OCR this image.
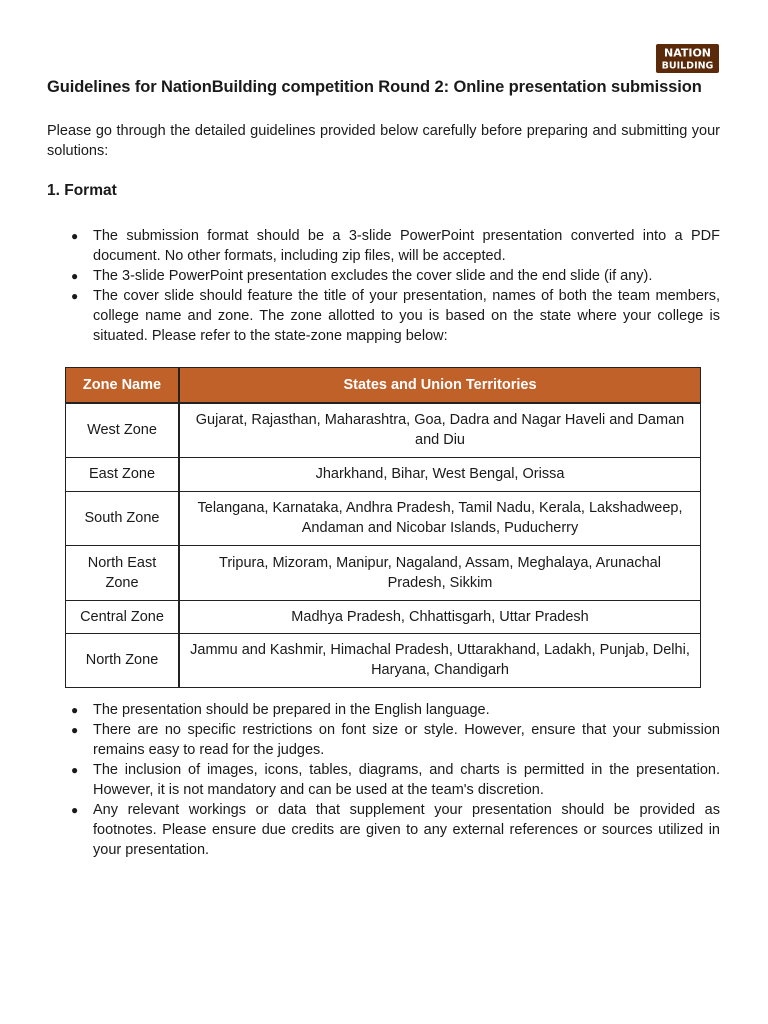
NATION
BUILDING
Guidelines for NationBuilding competition Round 2: Online presentation submission
Please go through the detailed guidelines provided below carefully before preparing and submitting your solutions:
1. Format
● The submission format should be a 3-slide PowerPoint presentation converted into a PDF document. No other formats, including zip files, will be accepted.
● The 3-slide PowerPoint presentation excludes the cover slide and the end slide (if any).
● The cover slide should feature the title of your presentation, names of both the team members, college name and zone. The zone allotted to you is based on the state where your college is situated. Please refer to the state-zone mapping below:
Zone Name	States and Union Territories
West Zone	Gujarat, Rajasthan, Maharashtra, Goa, Dadra and Nagar Haveli and Daman and Diu
East Zone	Jharkhand, Bihar, West Bengal, Orissa
South Zone	Telangana, Karnataka, Andhra Pradesh, Tamil Nadu, Kerala, Lakshadweep, Andaman and Nicobar Islands, Puducherry
North East Zone	Tripura, Mizoram, Manipur, Nagaland, Assam, Meghalaya, Arunachal Pradesh, Sikkim
Central Zone	Madhya Pradesh, Chhattisgarh, Uttar Pradesh
North Zone	Jammu and Kashmir, Himachal Pradesh, Uttarakhand, Ladakh, Punjab, Delhi, Haryana, Chandigarh
● The presentation should be prepared in the English language.
● There are no specific restrictions on font size or style. However, ensure that your submission remains easy to read for the judges.
● The inclusion of images, icons, tables, diagrams, and charts is permitted in the presentation. However, it is not mandatory and can be used at the team's discretion.
● Any relevant workings or data that supplement your presentation should be provided as footnotes. Please ensure due credits are given to any external references or sources utilized in your presentation.
